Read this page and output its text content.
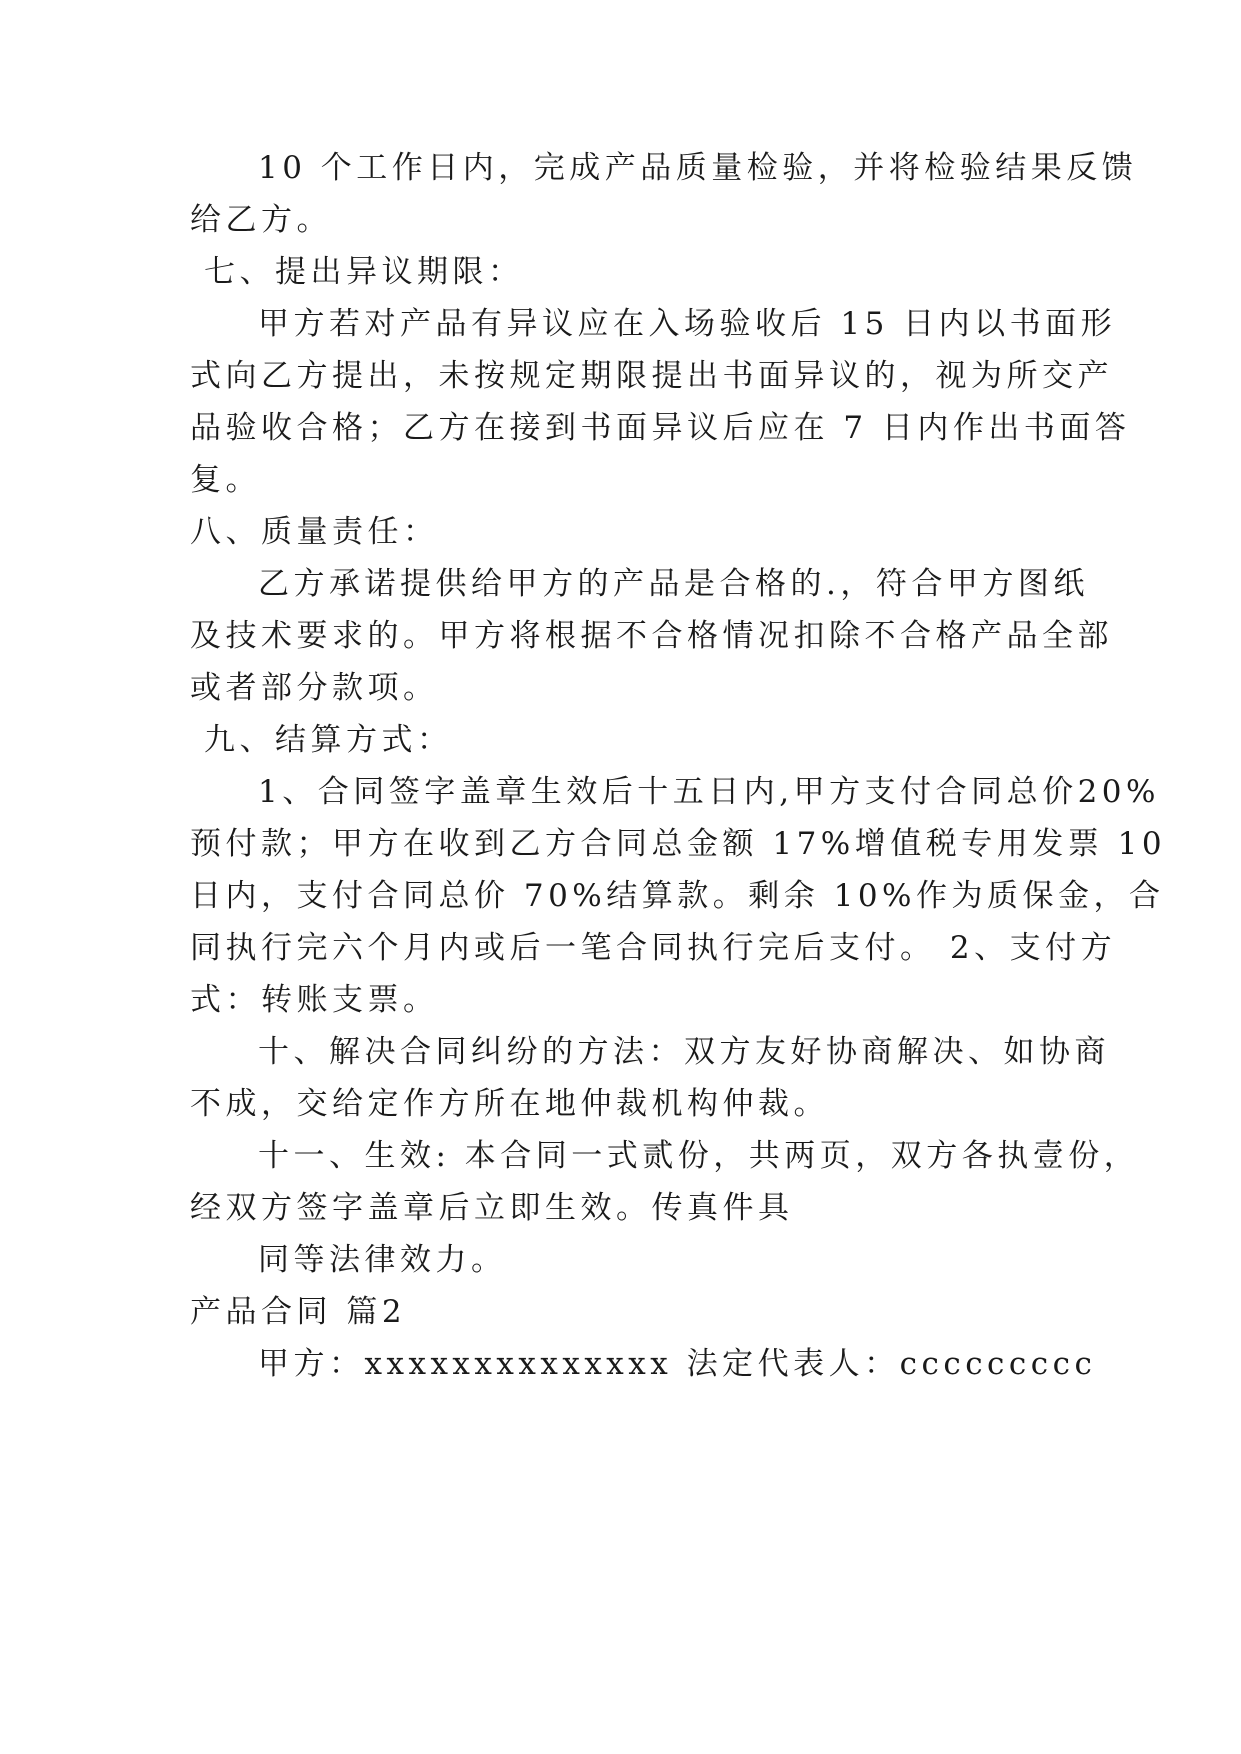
10 个工作日内，完成产品质量检验，并将检验结果反馈
给乙方。
七、提出异议期限：
甲方若对产品有异议应在入场验收后 15 日内以书面形
式向乙方提出，未按规定期限提出书面异议的，视为所交产
品验收合格；乙方在接到书面异议后应在 7 日内作出书面答
复。
八、质量责任：
乙方承诺提供给甲方的产品是合格的.，符合甲方图纸
及技术要求的。甲方将根据不合格情况扣除不合格产品全部
或者部分款项。
九、结算方式：
1、合同签字盖章生效后十五日内,甲方支付合同总价20%
预付款；甲方在收到乙方合同总金额 17%增值税专用发票 10
日内，支付合同总价 70%结算款。剩余 10%作为质保金，合
同执行完六个月内或后一笔合同执行完后支付。 2、支付方
式：转账支票。
十、解决合同纠纷的方法：双方友好协商解决、如协商
不成，交给定作方所在地仲裁机构仲裁。
十一、生效: 本合同一式贰份，共两页，双方各执壹份，
经双方签字盖章后立即生效。传真件具
同等法律效力。
产品合同 篇2
甲方：xxxxxxxxxxxxxx 法定代表人：ccccccccc
